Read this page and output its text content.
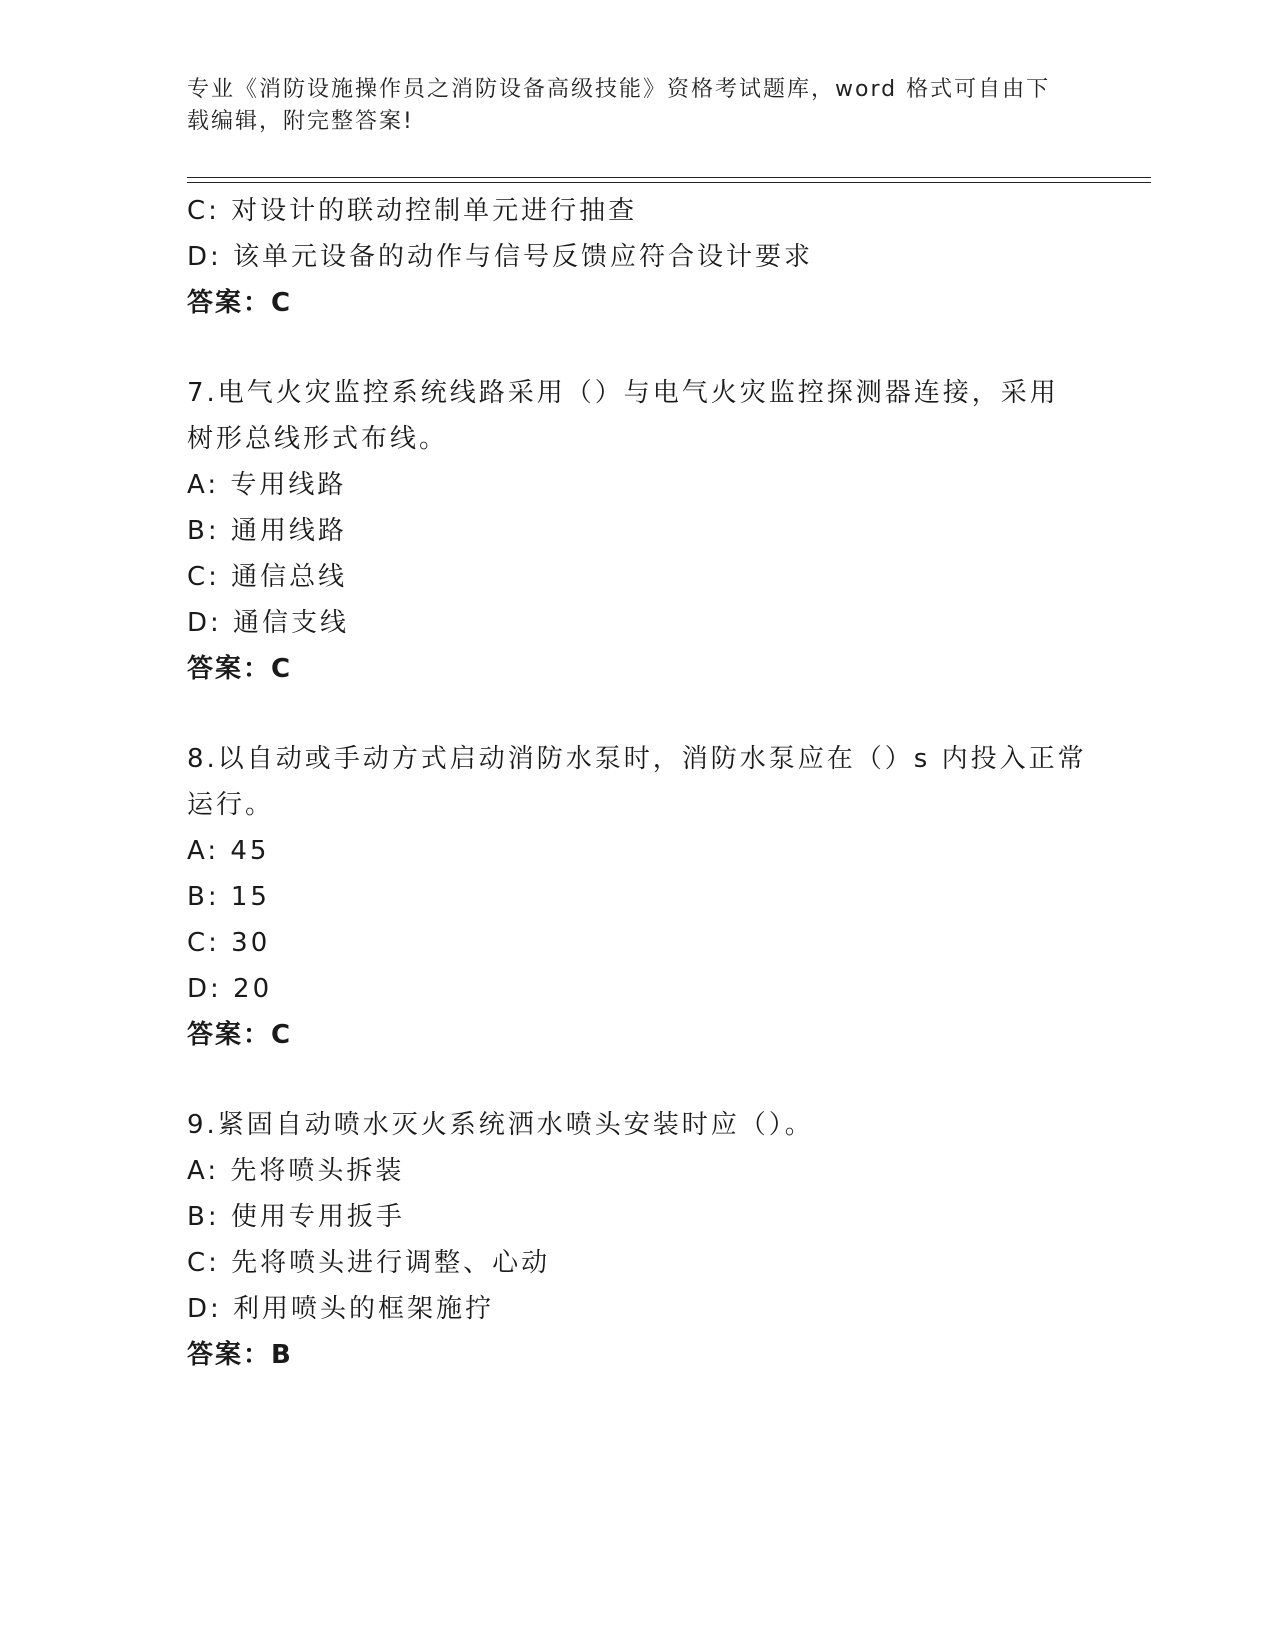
专业《消防设施操作员之消防设备高级技能》资格考试题库，word 格式可自由下
载编辑，附完整答案!
C: 对设计的联动控制单元进行抽查
D: 该单元设备的动作与信号反馈应符合设计要求
答案：C
7.电气火灾监控系统线路采用（）与电气火灾监控探测器连接，采用
树形总线形式布线。
A: 专用线路
B: 通用线路
C: 通信总线
D: 通信支线
答案：C
8.以自动或手动方式启动消防水泵时，消防水泵应在（）s 内投入正常
运行。
A: 45
B: 15
C: 30
D: 20
答案：C
9.紧固自动喷水灭火系统洒水喷头安装时应（）。
A: 先将喷头拆装
B: 使用专用扳手
C: 先将喷头进行调整、心动
D: 利用喷头的框架施拧
答案：B
